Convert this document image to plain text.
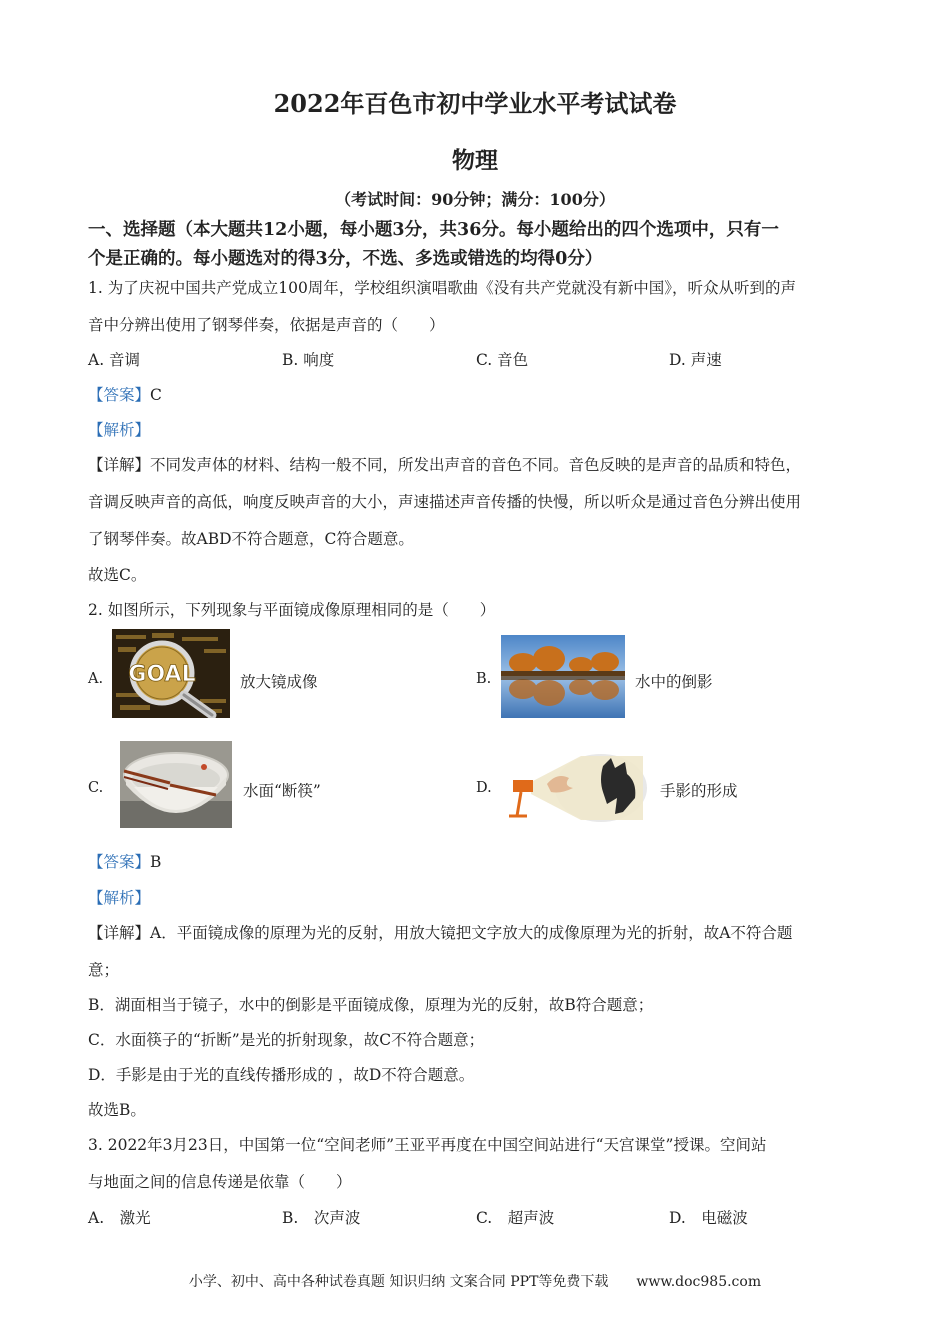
2022年百色市初中学业水平考试试卷
物理
（考试时间：90分钟；满分：100分）
一、选择题（本大题共12小题，每小题3分，共36分。每小题给出的四个选项中，只有一
个是正确的。每小题选对的得3分，不选、多选或错选的均得0分）
1. 为了庆祝中国共产党成立100周年，学校组织演唱歌曲《没有共产党就没有新中国》，听众从听到的声
音中分辨出使用了钢琴伴奏，依据是声音的（　　）
A. 音调	B. 响度	C. 音色	D. 声速
【答案】C
【解析】
【详解】不同发声体的材料、结构一般不同，所发出声音的音色不同。音色反映的是声音的品质和特色，
音调反映声音的高低，响度反映声音的大小，声速描述声音传播的快慢，所以听众是通过音色分辨出使用
了钢琴伴奏。故ABD不符合题意，C符合题意。
故选C。
2. 如图所示，下列现象与平面镜成像原理相同的是（　　）
A. GOAL	放大镜成像	B.	水中的倒影
C.	水面“断筷”	D.	手影的形成
【答案】B
【解析】
【详解】A．平面镜成像的原理为光的反射，用放大镜把文字放大的成像原理为光的折射，故A不符合题
意；
B．湖面相当于镜子，水中的倒影是平面镜成像，原理为光的反射，故B符合题意；
C．水面筷子的“折断”是光的折射现象，故C不符合题意；
D．手影是由于光的直线传播形成的 ，故D不符合题意。
故选B。
3. 2022年3月23日，中国第一位“空间老师”王亚平再度在中国空间站进行“天宫课堂”授课。空间站
与地面之间的信息传递是依靠（　　）
A.　激光	B.　次声波	C.　超声波	D.　电磁波
小学、初中、高中各种试卷真题 知识归纳 文案合同 PPT等免费下载　　www.doc985.com
